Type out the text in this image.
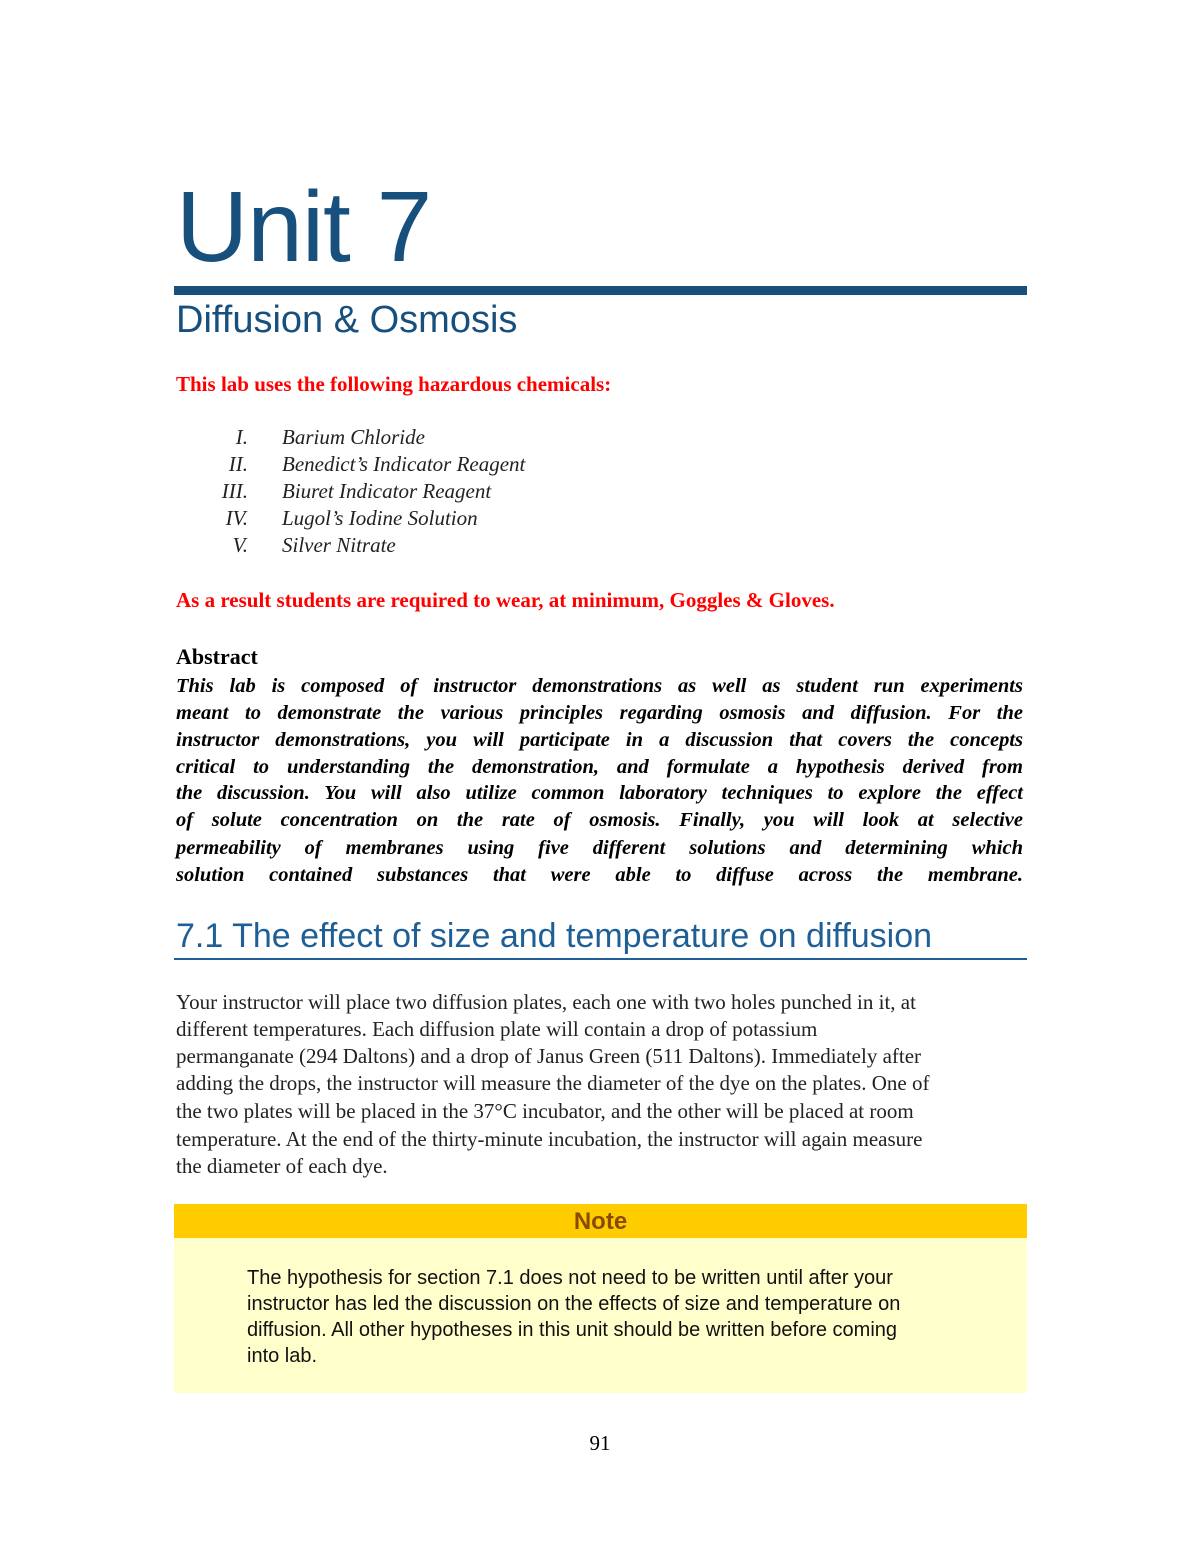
Unit 7
Diffusion & Osmosis
This lab uses the following hazardous chemicals:
I. Barium Chloride
II. Benedict’s Indicator Reagent
III. Biuret Indicator Reagent
IV. Lugol’s Iodine Solution
V. Silver Nitrate
As a result students are required to wear, at minimum, Goggles & Gloves.
Abstract
This lab is composed of instructor demonstrations as well as student run experiments
meant to demonstrate the various principles regarding osmosis and diffusion. For the
instructor demonstrations, you will participate in a discussion that covers the concepts
critical to understanding the demonstration, and formulate a hypothesis derived from
the discussion. You will also utilize common laboratory techniques to explore the effect
of solute concentration on the rate of osmosis. Finally, you will look at selective
permeability of membranes using five different solutions and determining which
solution contained substances that were able to diffuse across the membrane.
7.1 The effect of size and temperature on diffusion
Your instructor will place two diffusion plates, each one with two holes punched in it, at
different temperatures. Each diffusion plate will contain a drop of potassium
permanganate (294 Daltons) and a drop of Janus Green (511 Daltons). Immediately after
adding the drops, the instructor will measure the diameter of the dye on the plates. One of
the two plates will be placed in the 37°C incubator, and the other will be placed at room
temperature. At the end of the thirty-minute incubation, the instructor will again measure
the diameter of each dye.
Note
The hypothesis for section 7.1 does not need to be written until after your
instructor has led the discussion on the effects of size and temperature on
diffusion. All other hypotheses in this unit should be written before coming
into lab.
91
